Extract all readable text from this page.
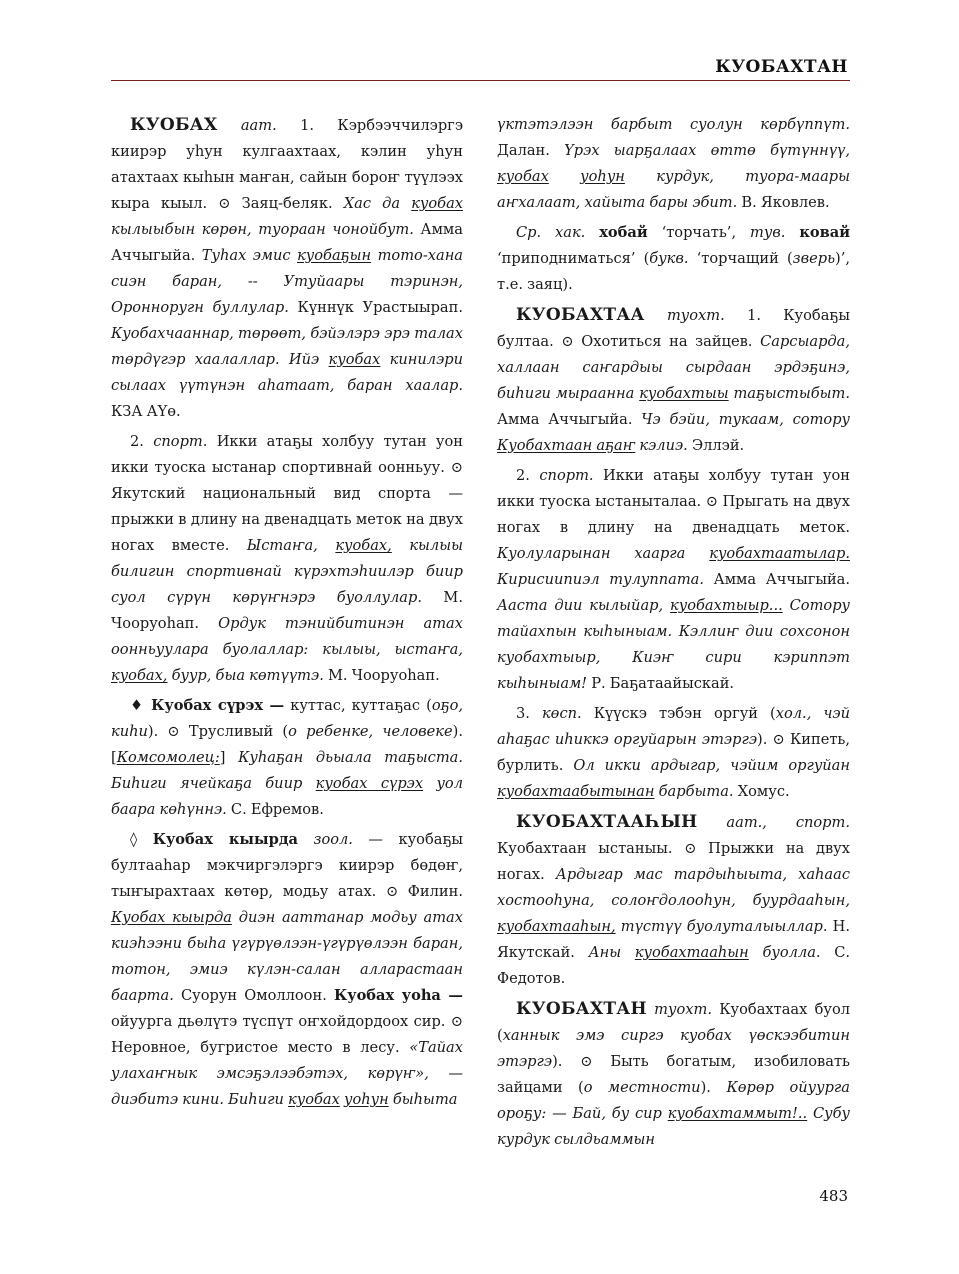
КУОБАХТАН

КУОБАХ аат. 1. Кэрбээччилэргэ киирэр уһун кулгаахтаах, кэлин уһун атахтаах кыһын маҥан, сайын бороҥ түүлээх кыра кыыл. ⊙ Заяц-беляк. Хас да куобах кылыыбын көрөн, туораан чонойбут. Амма Аччыгыйа. Туһах эмис куобаҕын тото-хана сиэн баран, -- Утуйаары тэринэн, Оронноругн буллулар. Күннүк Урастыырап. Куобахчааннар, төрөөт, бэйэлэрэ эрэ талах төрдүгэр хаалаллар. Ийэ куобах кинилэри сылаах үүтүнэн аһатаат, баран хаалар. КЗА АҮө.

2. спорт. Икки атаҕы холбуу тутан уон икки туоска ыстанар спортивнай оонньуу. ⊙ Якутский национальный вид спорта — прыжки в длину на двенадцать меток на двух ногах вместе. Ыстаҥа, куобах, кылыы билигин спортивнай күрэхтэһиилэр биир суол сүрүн көрүҥнэрэ буоллулар. М. Чооруоһап. Ордук тэнийбитинэн атах оонньуулара буолаллар: кылыы, ыстаҥа, куобах, буур, быа көтүүтэ. М. Чооруоһап.

♦ Куобах сүрэх — куттас, куттаҕас (оҕо, киһи). ⊙ Трусливый (о ребенке, человеке). [Комсомолец:] Куһаҕан дьыала таҕыста. Биһиги ячейкаҕа биир куобах сүрэх уол баара көһүннэ. С. Ефремов.

◊ Куобах кыырда зоол. — куобаҕы бултааһар мэкчиргэлэргэ киирэр бөдөҥ, тыҥырахтаах көтөр, модьу атах. ⊙ Филин. Куобах кыырда диэн ааттанар модьу атах киэһээни быһа үгүрүөлээн-үгүрүөлээн баран, тотон, эмиэ күлэн-салан алларастаан баарта. Суорун Омоллоон. Куобах уоһа — ойуурга дьөлүтэ түспүт оҥхойдордоох сир. ⊙ Неровное, бугристое место в лесу. «Тайах улахаҥнык эмсэҕэлээбэтэх, көрүҥ», — диэбитэ кини. Биһиги куобах уоһун быһыта

үктэтэлээн барбыт суолун көрбүппүт. Далан. Үрэх ыарҕалаах өттө бүтүннүү, куобах уоһун курдук, туора-маары аҥхалаат, хайыта бары эбит. В. Яковлев.

Ср. хак. хобай ‘торчать’, тув. ковай ‘приподниматься’ (букв. ‘торчащий (зверь)’, т.е. заяц).

КУОБАХТАА туохт. 1. Куобаҕы бултаа. ⊙ Охотиться на зайцев. Сарсыарда, халлаан саҥардыы сырдаан эрдэҕинэ, биһиги мыраанна куобахтыы таҕыстыбыт. Амма Аччыгыйа. Чэ бэйи, тукаам, сотору Куобахтаан аҕаҥ кэлиэ. Эллэй.

2. спорт. Икки атаҕы холбуу тутан уон икки туоска ыстаныталаа. ⊙ Прыгать на двух ногах в длину на двенадцать меток. Куолуларынан хаарга куобахтаатылар. Кирисиипиэл тулуппата. Амма Аччыгыйа. Ааста дии кылыйар, куобахтыыр... Сотору тайахпын кыһыныам. Кэллиҥ дии сохсонон куобахтыыр, Киэҥ сири кэриппэт кыһыныам! Р. Баҕатаайыскай.

3. көсп. Күүскэ тэбэн оргуй (хол., чэй аһаҕас иһиккэ оргуйарын этэргэ). ⊙ Кипеть, бурлить. Ол икки ардыгар, чэйим оргуйан куобахтаабытынан барбыта. Хомус.

КУОБАХТААҺЫН аат., спорт. Куобахтаан ыстаныы. ⊙ Прыжки на двух ногах. Ардыгар мас тардыһыыта, хаһаас хостооһуна, солоҥдолооһун, буурдааһын, куобахтааһын, түстүү буолуталыыллар. Н. Якутскай. Аны куобахтааһын буолла. С. Федотов.

КУОБАХТАН туохт. Куобахтаах буол (ханнык эмэ сиргэ куобах үөскээбитин этэргэ). ⊙ Быть богатым, изобиловать зайцами (о местности). Көрөр ойуурга ороҕу: — Бай, бу сир куобахтаммыт!.. Субу курдук сылдьаммын

483
